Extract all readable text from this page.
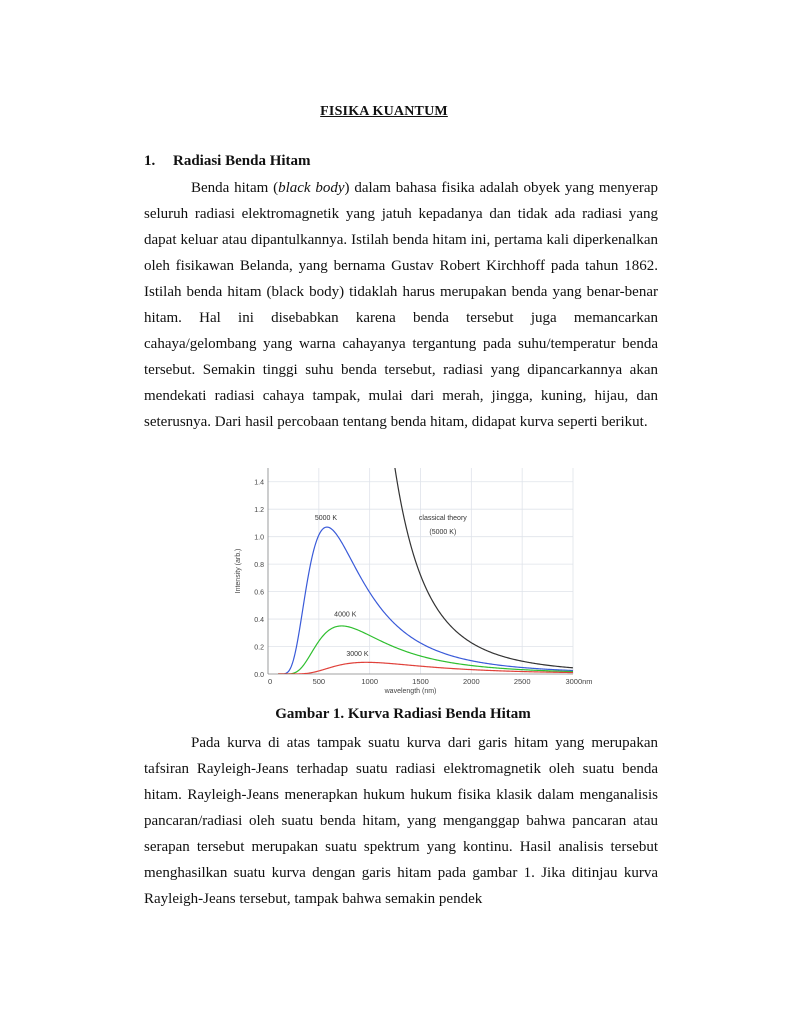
FISIKA KUANTUM
1. Radiasi Benda Hitam

Benda hitam (black body) dalam bahasa fisika adalah obyek yang menyerap seluruh radiasi elektromagnetik yang jatuh kepadanya dan tidak ada radiasi yang dapat keluar atau dipantulkannya. Istilah benda hitam ini, pertama kali diperkenalkan oleh fisikawan Belanda, yang bernama Gustav Robert Kirchhoff pada tahun 1862. Istilah benda hitam (black body) tidaklah harus merupakan benda yang benar-benar hitam. Hal ini disebabkan karena benda tersebut juga memancarkan cahaya/gelombang yang warna cahayanya tergantung pada suhu/temperatur benda tersebut. Semakin tinggi suhu benda tersebut, radiasi yang dipancarkannya akan mendekati radiasi cahaya tampak, mulai dari merah, jingga, kuning, hijau, dan seterusnya. Dari hasil percobaan tentang benda hitam, didapat kurva seperti berikut.

0.0
0.2
0.4
0.6
0.8
1.0
1.2
1.4
0	500	1000	1500	2000	2500	3000nm
wavelength (nm)
Intensity (arb.)
5000 K
4000 K
3000 K
classical theory
(5000 K)
Gambar 1. Kurva Radiasi Benda Hitam

Pada kurva di atas tampak suatu kurva dari garis hitam yang merupakan tafsiran Rayleigh-Jeans terhadap suatu radiasi elektromagnetik oleh suatu benda hitam. Rayleigh-Jeans menerapkan hukum hukum fisika klasik dalam menganalisis pancaran/radiasi oleh suatu benda hitam, yang menganggap bahwa pancaran atau serapan tersebut merupakan suatu spektrum yang kontinu. Hasil analisis tersebut menghasilkan suatu kurva dengan garis hitam pada gambar 1. Jika ditinjau kurva Rayleigh-Jeans tersebut, tampak bahwa semakin pendek
